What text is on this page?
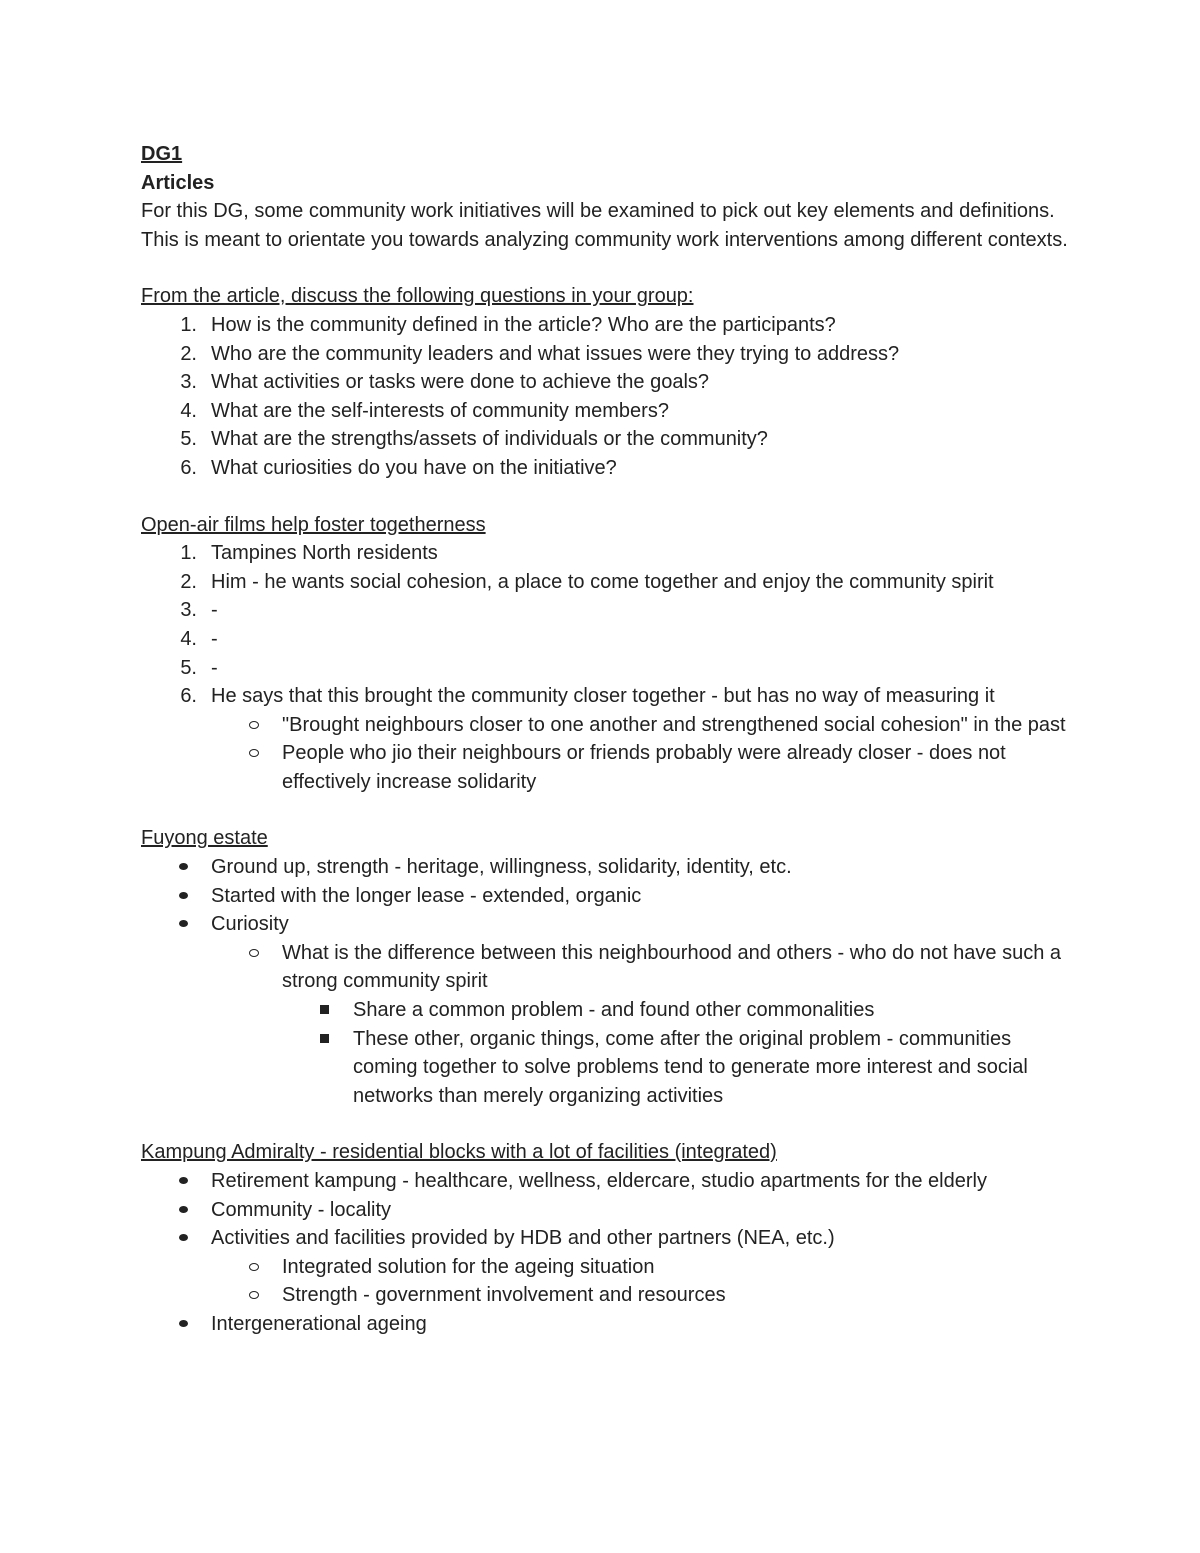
DG1

Articles

For this DG, some community work initiatives will be examined to pick out key elements and definitions. This is meant to orientate you towards analyzing community work interventions among different contexts.

From the article, discuss the following questions in your group:

1. How is the community defined in the article? Who are the participants?
2. Who are the community leaders and what issues were they trying to address?
3. What activities or tasks were done to achieve the goals?
4. What are the self-interests of community members?
5. What are the strengths/assets of individuals or the community?
6. What curiosities do you have on the initiative?

Open-air films help foster togetherness

1. Tampines North residents
2. Him - he wants social cohesion, a place to come together and enjoy the community spirit
3. -
4. -
5. -
6. He says that this brought the community closer together - but has no way of measuring it
"Brought neighbours closer to one another and strengthened social cohesion" in the past
People who jio their neighbours or friends probably were already closer - does not effectively increase solidarity

Fuyong estate

Ground up, strength - heritage, willingness, solidarity, identity, etc.
Started with the longer lease - extended, organic
Curiosity
What is the difference between this neighbourhood and others - who do not have such a strong community spirit
Share a common problem - and found other commonalities
These other, organic things, come after the original problem - communities coming together to solve problems tend to generate more interest and social networks than merely organizing activities

Kampung Admiralty - residential blocks with a lot of facilities (integrated)

Retirement kampung - healthcare, wellness, eldercare, studio apartments for the elderly
Community - locality
Activities and facilities provided by HDB and other partners (NEA, etc.)
Integrated solution for the ageing situation
Strength - government involvement and resources
Intergenerational ageing
